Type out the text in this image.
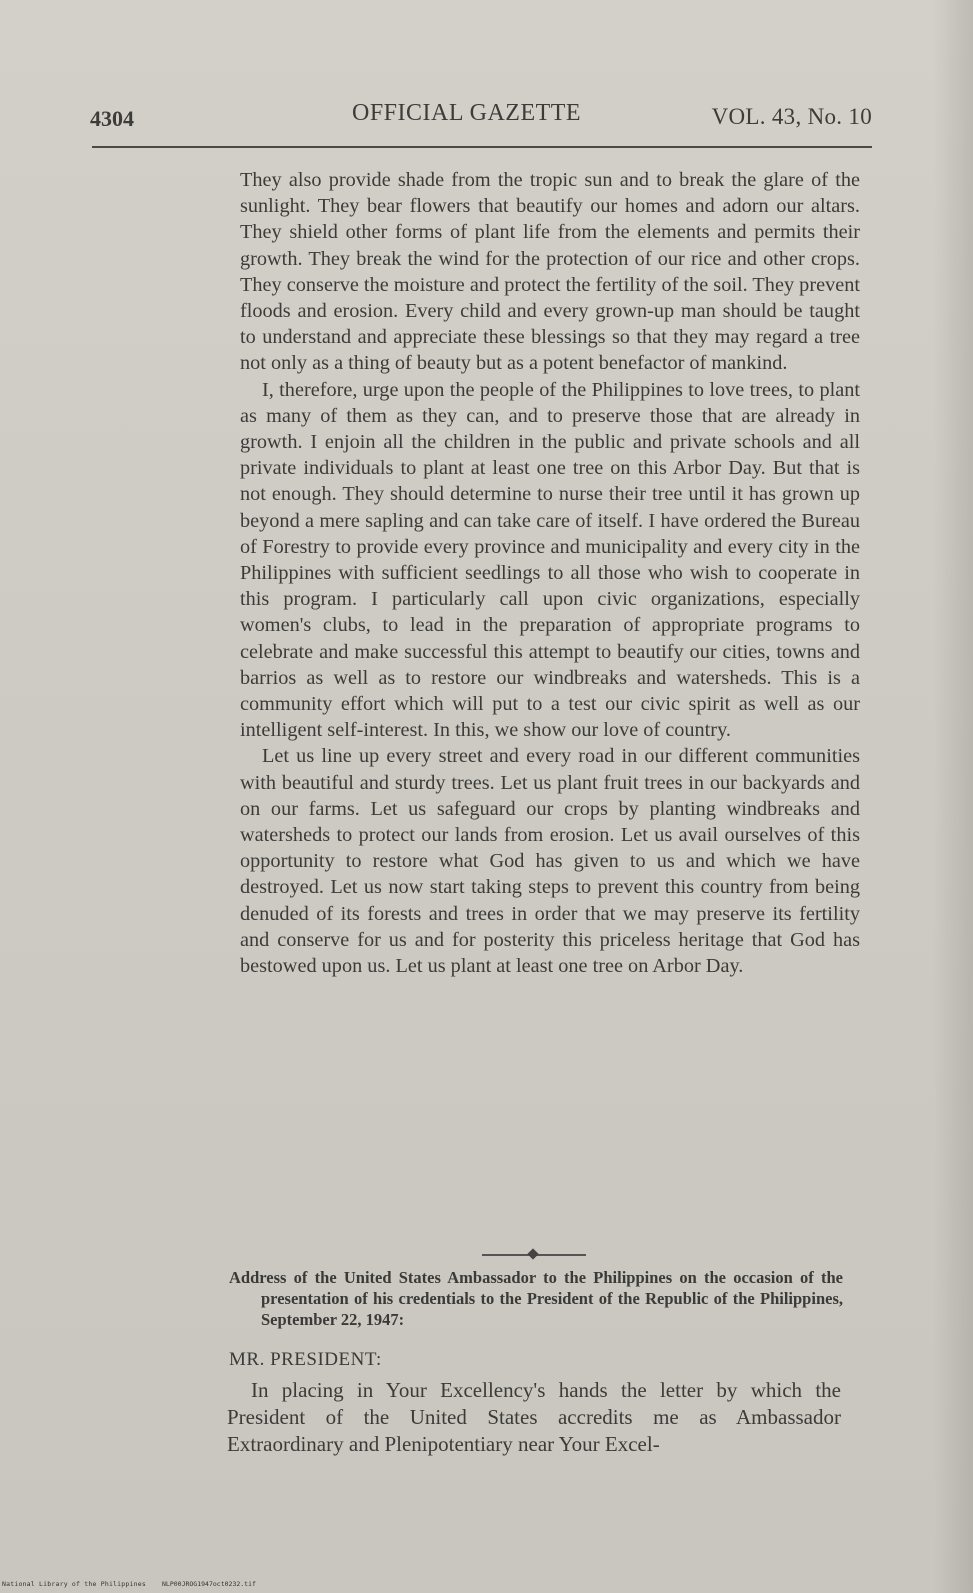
4304	OFFICIAL GAZETTE	VOL. 43, No. 10

They also provide shade from the tropic sun and to break the glare of the sunlight. They bear flowers that beautify our homes and adorn our altars. They shield other forms of plant life from the elements and permits their growth. They break the wind for the protection of our rice and other crops. They conserve the moisture and protect the fertility of the soil. They prevent floods and erosion. Every child and every grown-up man should be taught to understand and appreciate these blessings so that they may regard a tree not only as a thing of beauty but as a potent benefactor of mankind.

I, therefore, urge upon the people of the Philippines to love trees, to plant as many of them as they can, and to preserve those that are already in growth. I enjoin all the children in the public and private schools and all private individuals to plant at least one tree on this Arbor Day. But that is not enough. They should determine to nurse their tree until it has grown up beyond a mere sapling and can take care of itself. I have ordered the Bureau of Forestry to provide every province and municipality and every city in the Philippines with sufficient seedlings to all those who wish to cooperate in this program. I particularly call upon civic organizations, especially women's clubs, to lead in the preparation of appropriate programs to celebrate and make successful this attempt to beautify our cities, towns and barrios as well as to restore our windbreaks and watersheds. This is a community effort which will put to a test our civic spirit as well as our intelligent self-interest. In this, we show our love of country.

Let us line up every street and every road in our different communities with beautiful and sturdy trees. Let us plant fruit trees in our backyards and on our farms. Let us safeguard our crops by planting windbreaks and watersheds to protect our lands from erosion. Let us avail ourselves of this opportunity to restore what God has given to us and which we have destroyed. Let us now start taking steps to prevent this country from being denuded of its forests and trees in order that we may preserve its fertility and conserve for us and for posterity this priceless heritage that God has bestowed upon us. Let us plant at least one tree on Arbor Day.

Address of the United States Ambassador to the Philippines on the occasion of the presentation of his credentials to the President of the Republic of the Philippines, September 22, 1947:
MR. PRESIDENT:
In placing in Your Excellency's hands the letter by which the President of the United States accredits me as Ambassador Extraordinary and Plenipotentiary near Your Excel-
National Library of the Philippines NLP00JROG1947oct0232.tif
